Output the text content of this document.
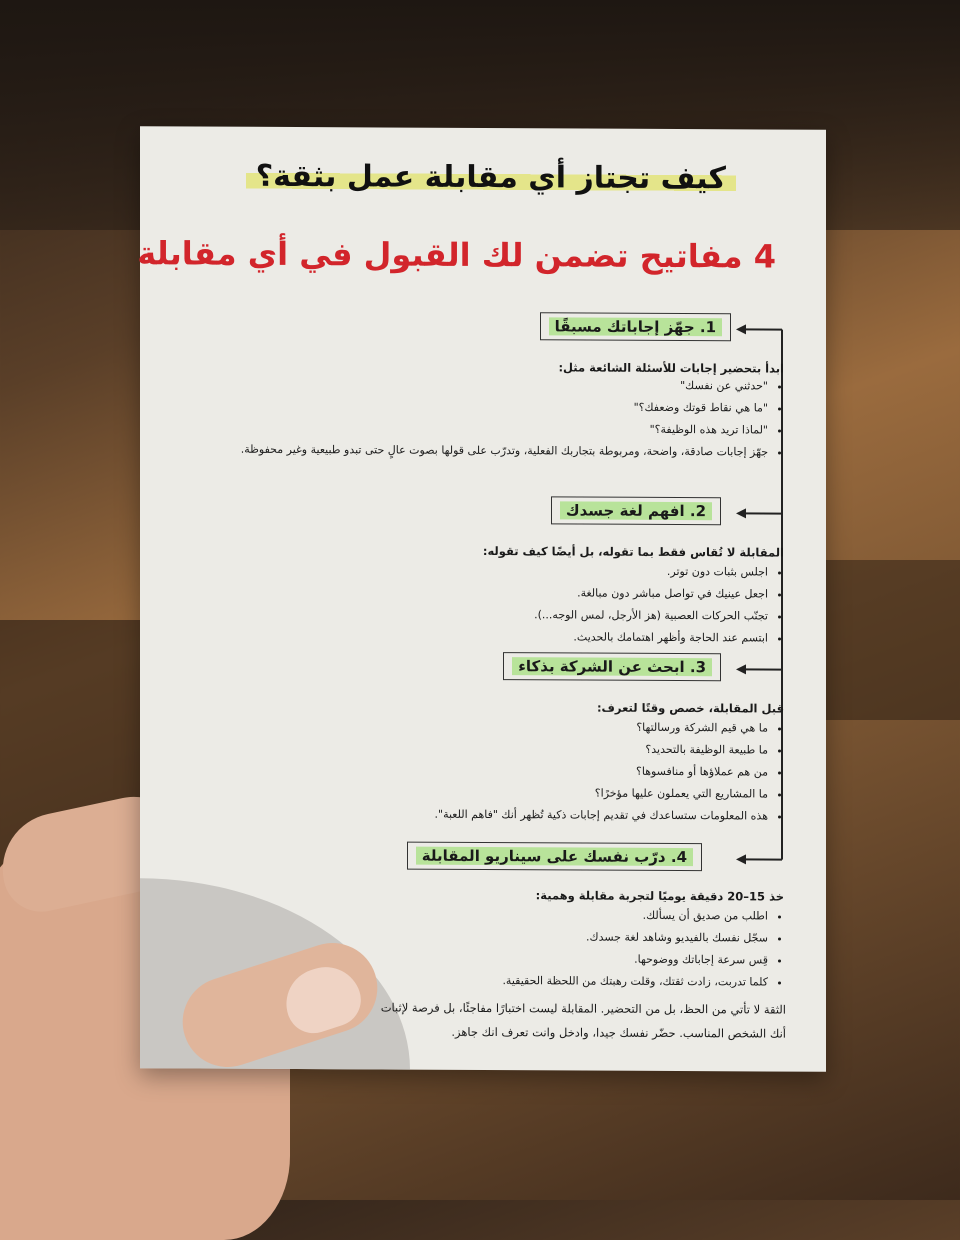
كيف تجتاز أي مقابلة عمل بثقة؟
4 مفاتيح تضمن لك القبول في أي مقابلة
1. جهّز إجاباتك مسبقًا
ابدأ بتحضير إجابات للأسئلة الشائعة مثل:
• "حدثني عن نفسك"
• "ما هي نقاط قوتك وضعفك؟"
• "لماذا تريد هذه الوظيفة؟"
• جهّز إجابات صادقة، واضحة، ومربوطة بتجاربك الفعلية، وتدرّب على قولها بصوت عالٍ حتى تبدو طبيعية وغير محفوظة.
2. افهم لغة جسدك
المقابلة لا تُقاس فقط بما تقوله، بل أيضًا كيف تقوله:
• اجلس بثبات دون توتر.
• اجعل عينيك في تواصل مباشر دون مبالغة.
• تجنّب الحركات العصبية (هز الأرجل، لمس الوجه...).
• ابتسم عند الحاجة وأظهر اهتمامك بالحديث.
3. ابحث عن الشركة بذكاء
قبل المقابلة، خصص وقتًا لتعرف:
• ما هي قيم الشركة ورسالتها؟
• ما طبيعة الوظيفة بالتحديد؟
• من هم عملاؤها أو منافسوها؟
• ما المشاريع التي يعملون عليها مؤخرًا؟
• هذه المعلومات ستساعدك في تقديم إجابات ذكية تُظهر أنك "فاهم اللعبة".
4. درّب نفسك على سيناريو المقابلة
خذ 15–20 دقيقة يوميًا لتجربة مقابلة وهمية:
• اطلب من صديق أن يسألك.
• سجّل نفسك بالفيديو وشاهد لغة جسدك.
• قِس سرعة إجاباتك ووضوحها.
• كلما تدربت، زادت ثقتك، وقلت رهبتك من اللحظة الحقيقية.
الثقة لا تأتي من الحظ، بل من التحضير. المقابلة ليست اختبارًا مفاجئًا، بل فرصة لإثبات أنك الشخص المناسب. حضّر نفسك جيدا، وادخل وانت تعرف انك جاهز.
